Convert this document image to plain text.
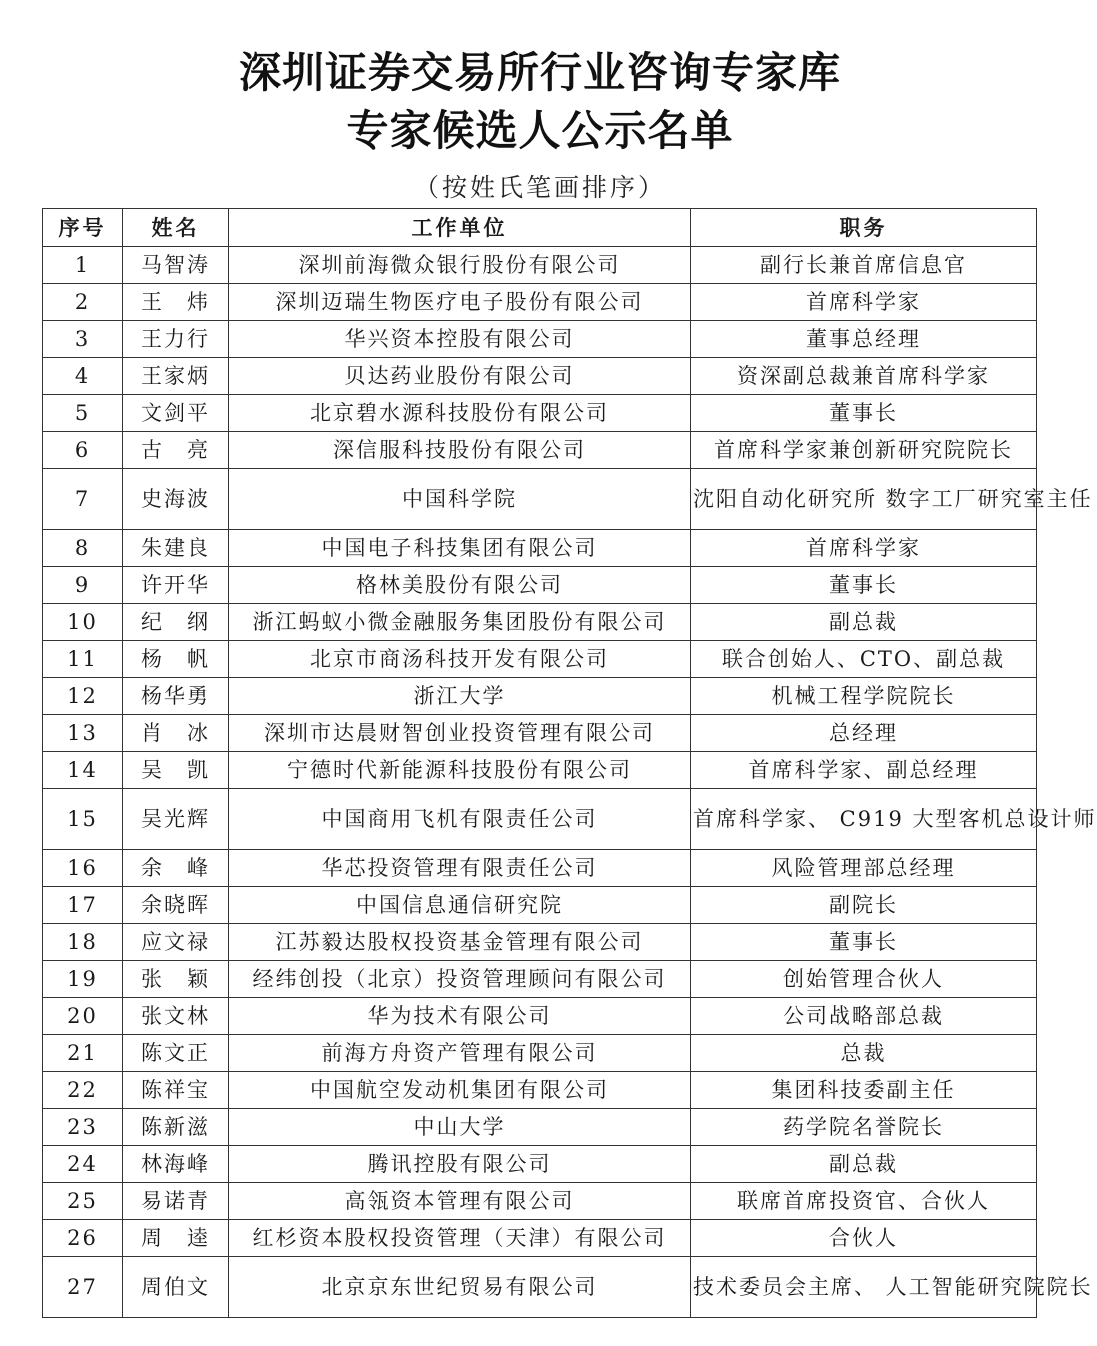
深圳证券交易所行业咨询专家库
专家候选人公示名单
（按姓氏笔画排序）
序号	姓名	工作单位	职务
1	马智涛	深圳前海微众银行股份有限公司	副行长兼首席信息官
2	王　炜	深圳迈瑞生物医疗电子股份有限公司	首席科学家
3	王力行	华兴资本控股有限公司	董事总经理
4	王家炳	贝达药业股份有限公司	资深副总裁兼首席科学家
5	文剑平	北京碧水源科技股份有限公司	董事长
6	古　亮	深信服科技股份有限公司	首席科学家兼创新研究院院长
7	史海波	中国科学院	沈阳自动化研究所 数字工厂研究室主任
8	朱建良	中国电子科技集团有限公司	首席科学家
9	许开华	格林美股份有限公司	董事长
10	纪　纲	浙江蚂蚁小微金融服务集团股份有限公司	副总裁
11	杨　帆	北京市商汤科技开发有限公司	联合创始人、CTO、副总裁
12	杨华勇	浙江大学	机械工程学院院长
13	肖　冰	深圳市达晨财智创业投资管理有限公司	总经理
14	吴　凯	宁德时代新能源科技股份有限公司	首席科学家、副总经理
15	吴光辉	中国商用飞机有限责任公司	首席科学家、 C919 大型客机总设计师
16	余　峰	华芯投资管理有限责任公司	风险管理部总经理
17	余晓晖	中国信息通信研究院	副院长
18	应文禄	江苏毅达股权投资基金管理有限公司	董事长
19	张　颖	经纬创投（北京）投资管理顾问有限公司	创始管理合伙人
20	张文林	华为技术有限公司	公司战略部总裁
21	陈文正	前海方舟资产管理有限公司	总裁
22	陈祥宝	中国航空发动机集团有限公司	集团科技委副主任
23	陈新滋	中山大学	药学院名誉院长
24	林海峰	腾讯控股有限公司	副总裁
25	易诺青	高瓴资本管理有限公司	联席首席投资官、合伙人
26	周　逵	红杉资本股权投资管理（天津）有限公司	合伙人
27	周伯文	北京京东世纪贸易有限公司	技术委员会主席、 人工智能研究院院长
